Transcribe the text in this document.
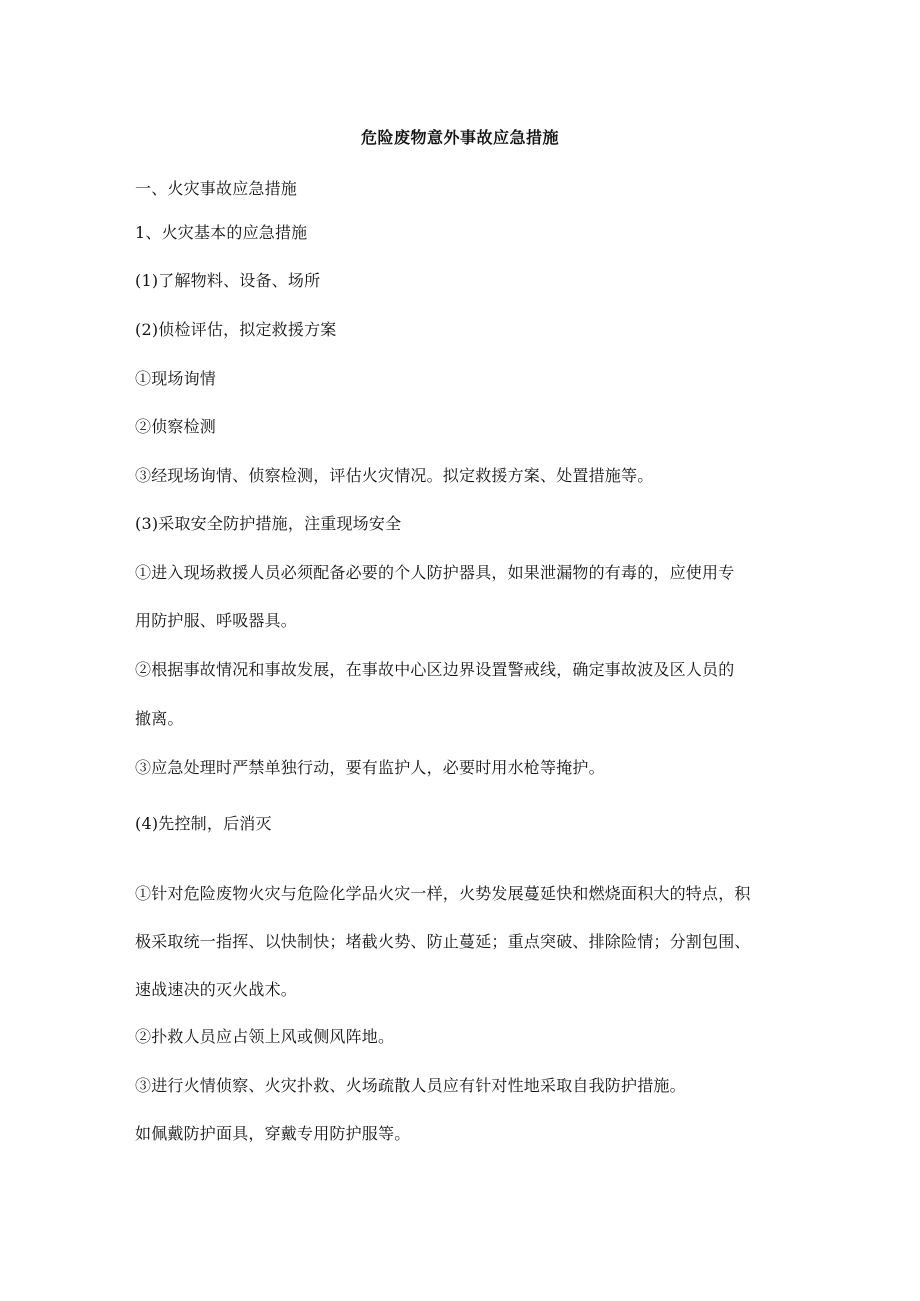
危险废物意外事故应急措施

一、火灾事故应急措施

1、火灾基本的应急措施

(1)了解物料、设备、场所

(2)侦检评估，拟定救援方案

①现场询情

②侦察检测

③经现场询情、侦察检测，评估火灾情况。拟定救援方案、处置措施等。

(3)采取安全防护措施，注重现场安全

①进入现场救援人员必须配备必要的个人防护器具，如果泄漏物的有毒的，应使用专

用防护服、呼吸器具。

②根据事故情况和事故发展，在事故中心区边界设置警戒线，确定事故波及区人员的

撤离。

③应急处理时严禁单独行动，要有监护人，必要时用水枪等掩护。

(4)先控制，后消灭

①针对危险废物火灾与危险化学品火灾一样，火势发展蔓延快和燃烧面积大的特点，积

极采取统一指挥、以快制快；堵截火势、防止蔓延；重点突破、排除险情；分割包围、

速战速决的灭火战术。

②扑救人员应占领上风或侧风阵地。

③进行火情侦察、火灾扑救、火场疏散人员应有针对性地采取自我防护措施。

如佩戴防护面具，穿戴专用防护服等。
